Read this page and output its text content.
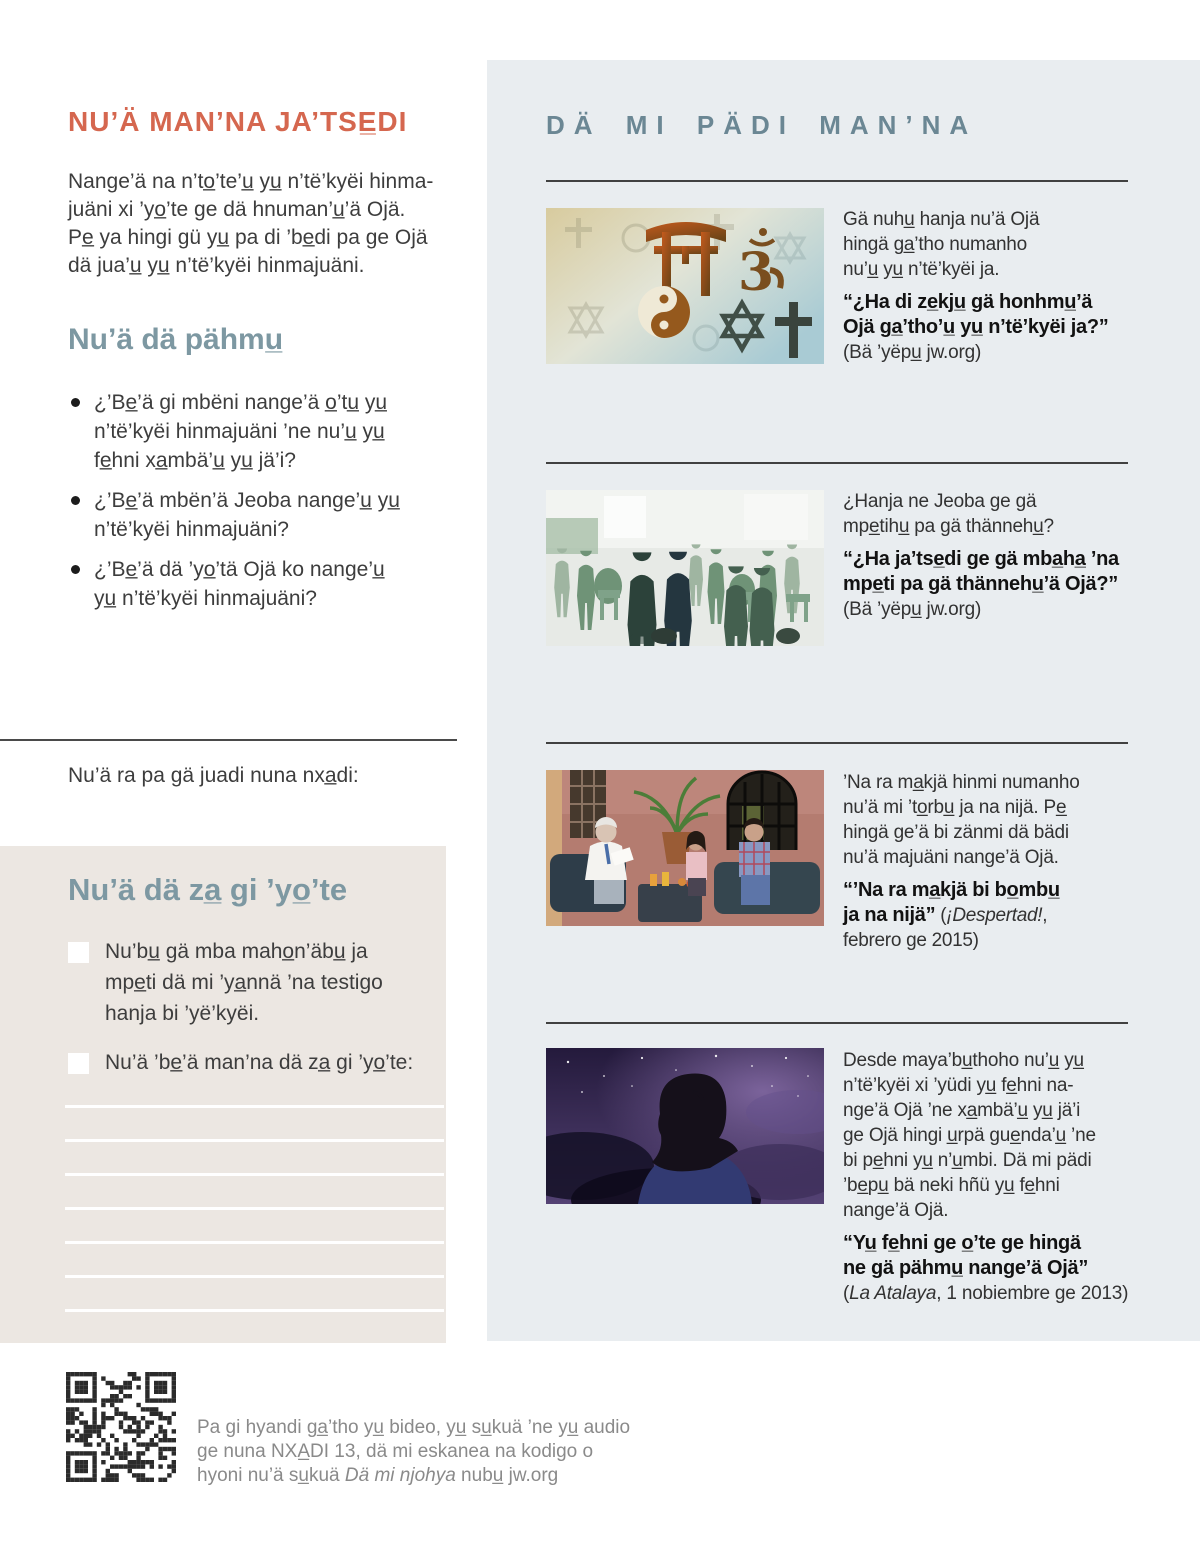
NU’Ä MAN’NA JA’TSE̲DI
Nange’ä na n’to̲’te’u̲ yu̲ n’të’kyëi hinma-
juäni xi ’yo̲’te ge dä hnuman’u̲’ä Ojä.
Pe̲ ya hingi gü yu̲ pa di ’be̲di pa ge Ojä
dä jua’u̲ yu̲ n’të’kyëi hinmajuäni.
Nu’ä dä pähmu̲
¿’Be̲’ä gi mbëni nange’ä o̲’tu̲ yu̲
n’të’kyëi hinmajuäni ’ne nu’u̲ yu̲
fe̲hni xa̲mbä’u̲ yu̲ jä’i?
¿’Be̲’ä mbën’ä Jeoba nange’u̲ yu̲
n’të’kyëi hinmajuäni?
¿’Be̲’ä dä ’yo̲’tä Ojä ko nange’u̲
yu̲ n’të’kyëi hinmajuäni?
Nu’ä ra pa gä juadi nuna nxa̲di:
Nu’ä dä za̲ gi ’yo̲’te
Nu’bu̲ gä mba maho̲n’äbu̲ ja
mpe̲ti dä mi ’ya̲nnä ’na testigo
hanja bi ’yë’kyëi.
Nu’ä ’be̲’ä man’na dä za̲ gi ’yo̲’te:
DÄ MI PÄDI MAN’NA
3
Gä nuhu̲ hanja nu’ä Ojä
hingä ga̲’tho numanho
nu’u̲ yu̲ n’të’kyëi ja.
“¿Ha di ze̲kju̲ gä honhmu̲’ä
Ojä ga̲’tho’u̲ yu̲ n’të’kyëi ja?”
(Bä ’yëpu̲ jw.org)
¿Hanja ne Jeoba ge gä
mpe̲tihu̲ pa gä thännehu̲?
“¿Ha ja’tse̲di ge gä mba̲ha̲ ’na
mpe̲ti pa gä thännehu̲’ä Ojä?”
(Bä ’yëpu̲ jw.org)
’Na ra ma̲kjä hinmi numanho
nu’ä mi ’to̲rbu̲ ja na nijä. Pe̲
hingä ge’ä bi zänmi dä bädi
nu’ä majuäni nange’ä Ojä.
“’Na ra ma̲kjä bi bo̲mbu̲
ja na nijä” (¡Despertad!,
febrero ge 2015)
Desde maya’bu̲thoho nu’u̲ yu̲
n’të’kyëi xi ’yüdi yu̲ fe̲hni na-
nge’ä Ojä ’ne xa̲mbä’u̲ yu̲ jä’i
ge Ojä hingi u̲rpä gue̲nda’u̲ ’ne
bi pe̲hni yu̲ n’u̲mbi. Dä mi pädi
’be̲pu̲ bä neki hñü yu̲ fe̲hni
nange’ä Ojä.
“Yu̲ fe̲hni ge o̲’te ge hingä
ne gä pähmu̲ nange’ä Ojä”
(La Atalaya, 1 nobiembre ge 2013)
Pa gi hyandi ga̲’tho yu̲ bideo, yu̲ su̲kuä ’ne yu̲ audio
ge nuna NXA̲DI 13, dä mi eskanea na kodigo o
hyoni nu’ä su̲kuä Dä mi njohya nubu̲ jw.org
